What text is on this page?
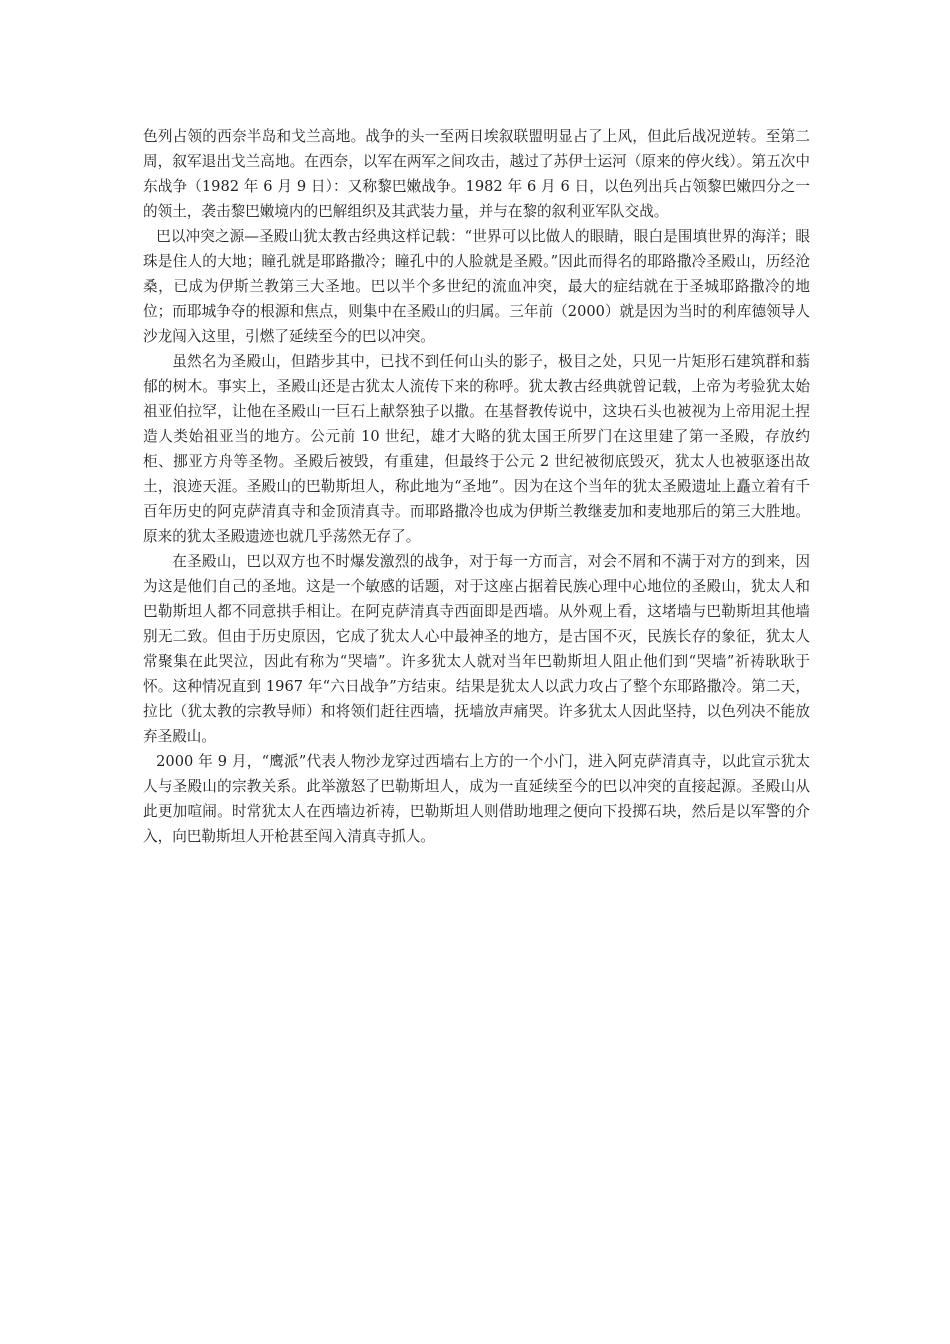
色列占领的西奈半岛和戈兰高地。战争的头一至两日埃叙联盟明显占了上风，但此后战况逆转。至第二周，叙军退出戈兰高地。在西奈，以军在两军之间攻击，越过了苏伊士运河（原来的停火线）。第五次中东战争（1982 年 6 月 9 日）：又称黎巴嫩战争。1982 年 6 月 6 日，以色列出兵占领黎巴嫩四分之一的领土，袭击黎巴嫩境内的巴解组织及其武装力量，并与在黎的叙利亚军队交战。

巴以冲突之源—圣殿山犹太教古经典这样记载：“世界可以比做人的眼睛，眼白是围填世界的海洋；眼珠是住人的大地；瞳孔就是耶路撒冷；瞳孔中的人脸就是圣殿。”因此而得名的耶路撒冷圣殿山，历经沧桑，已成为伊斯兰教第三大圣地。巴以半个多世纪的流血冲突，最大的症结就在于圣城耶路撒冷的地位；而耶城争夺的根源和焦点，则集中在圣殿山的归属。三年前（2000）就是因为当时的利库德领导人沙龙闯入这里，引燃了延续至今的巴以冲突。

虽然名为圣殿山，但踏步其中，已找不到任何山头的影子，极目之处，只见一片矩形石建筑群和蓊郁的树木。事实上，圣殿山还是古犹太人流传下来的称呼。犹太教古经典就曾记载，上帝为考验犹太始祖亚伯拉罕，让他在圣殿山一巨石上献祭独子以撒。在基督教传说中，这块石头也被视为上帝用泥土捏造人类始祖亚当的地方。公元前 10 世纪，雄才大略的犹太国王所罗门在这里建了第一圣殿，存放约柜、挪亚方舟等圣物。圣殿后被毁，有重建，但最终于公元 2 世纪被彻底毁灭，犹太人也被驱逐出故土，浪迹天涯。圣殿山的巴勒斯坦人，称此地为“圣地”。因为在这个当年的犹太圣殿遗址上矗立着有千百年历史的阿克萨清真寺和金顶清真寺。而耶路撒冷也成为伊斯兰教继麦加和麦地那后的第三大胜地。原来的犹太圣殿遗迹也就几乎荡然无存了。

在圣殿山，巴以双方也不时爆发激烈的战争，对于每一方而言，对会不屑和不满于对方的到来，因为这是他们自己的圣地。这是一个敏感的话题，对于这座占据着民族心理中心地位的圣殿山，犹太人和巴勒斯坦人都不同意拱手相让。在阿克萨清真寺西面即是西墙。从外观上看，这堵墙与巴勒斯坦其他墙别无二致。但由于历史原因，它成了犹太人心中最神圣的地方，是古国不灭，民族长存的象征，犹太人常聚集在此哭泣，因此有称为“哭墙”。许多犹太人就对当年巴勒斯坦人阻止他们到“哭墙”祈祷耿耿于怀。这种情况直到 1967 年“六日战争”方结束。结果是犹太人以武力攻占了整个东耶路撒冷。第二天，拉比（犹太教的宗教导师）和将领们赶往西墙，抚墙放声痛哭。许多犹太人因此坚持，以色列决不能放弃圣殿山。

2000 年 9 月，“鹰派”代表人物沙龙穿过西墙右上方的一个小门，进入阿克萨清真寺，以此宣示犹太人与圣殿山的宗教关系。此举激怒了巴勒斯坦人，成为一直延续至今的巴以冲突的直接起源。圣殿山从此更加喧闹。时常犹太人在西墙边祈祷，巴勒斯坦人则借助地理之便向下投掷石块，然后是以军警的介入，向巴勒斯坦人开枪甚至闯入清真寺抓人。
